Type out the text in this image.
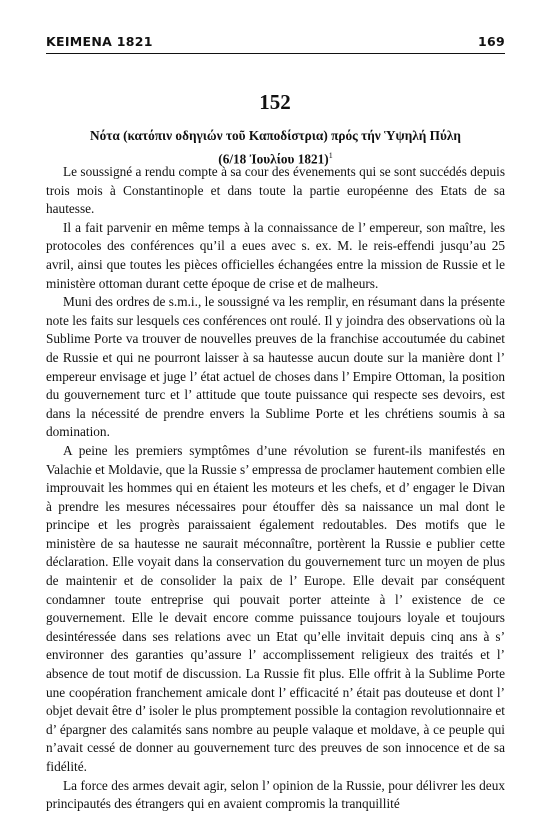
ΚΕΙΜΕΝΑ 1821	169
152
Νότα (κατόπιν οδηγιών τοῦ Καποδίστρια) πρός τήν Ὑψηλή Πύλη
(6/18 Ἰουλίου 1821)$^1$

Le soussigné a rendu compte à sa cour des évenements qui se sont succédés depuis trois mois à Constantinople et dans toute la partie européenne des Etats de sa hautesse.

Il a fait parvenir en même temps à la connaissance de l’ empereur, son maître, les protocoles des conférences qu’il a eues avec s. ex. M. le reis-effendi jusqu’au 25 avril, ainsi que toutes les pièces officielles échangées entre la mission de Russie et le ministère ottoman durant cette époque de crise et de malheurs.

Muni des ordres de s.m.i., le soussigné va les remplir, en résumant dans la présente note les faits sur lesquels ces conférences ont roulé. Il y joindra des observations où la Sublime Porte va trouver de nouvelles preuves de la franchise accoutumée du cabinet de Russie et qui ne pourront laisser à sa hautesse aucun doute sur la manière dont l’ empereur envisage et juge l’ état actuel de choses dans l’ Empire Ottoman, la position du gouvernement turc et l’ attitude que toute puissance qui respecte ses devoirs, est dans la nécessité de prendre envers la Sublime Porte et les chrétiens soumis à sa domination.

A peine les premiers symptômes d’une révolution se furent-ils manifestés en Valachie et Moldavie, que la Russie s’ empressa de proclamer hautement combien elle improuvait les hommes qui en étaient les moteurs et les chefs, et d’ engager le Divan à prendre les mesures nécessaires pour étouffer dès sa naissance un mal dont le principe et les progrès paraissaient également redoutables. Des motifs que le ministère de sa hautesse ne saurait méconnaître, portèrent la Russie e publier cette déclaration. Elle voyait dans la conservation du gouvernement turc un moyen de plus de maintenir et de consolider la paix de l’ Europe. Elle devait par conséquent condamner toute entreprise qui pouvait porter atteinte à l’ existence de ce gouvernement. Elle le devait encore comme puissance toujours loyale et toujours desintéressée dans ses relations avec un Etat qu’elle invitait depuis cinq ans à s’ environner des garanties qu’assure l’ accomplissement religieux des traités et l’ absence de tout motif de discussion. La Russie fit plus. Elle offrit à la Sublime Porte une coopération franchement amicale dont l’ efficacité n’ était pas douteuse et dont l’ objet devait être d’ isoler le plus promptement possible la contagion revolutionnaire et d’ épargner des calamités sans nombre au peuple valaque et moldave, à ce peuple qui n’avait cessé de donner au gouvernement turc des preuves de son innocence et de sa fidélité.

La force des armes devait agir, selon l’ opinion de la Russie, pour délivrer les deux principautés des étrangers qui en avaient compromis la tranquillité
